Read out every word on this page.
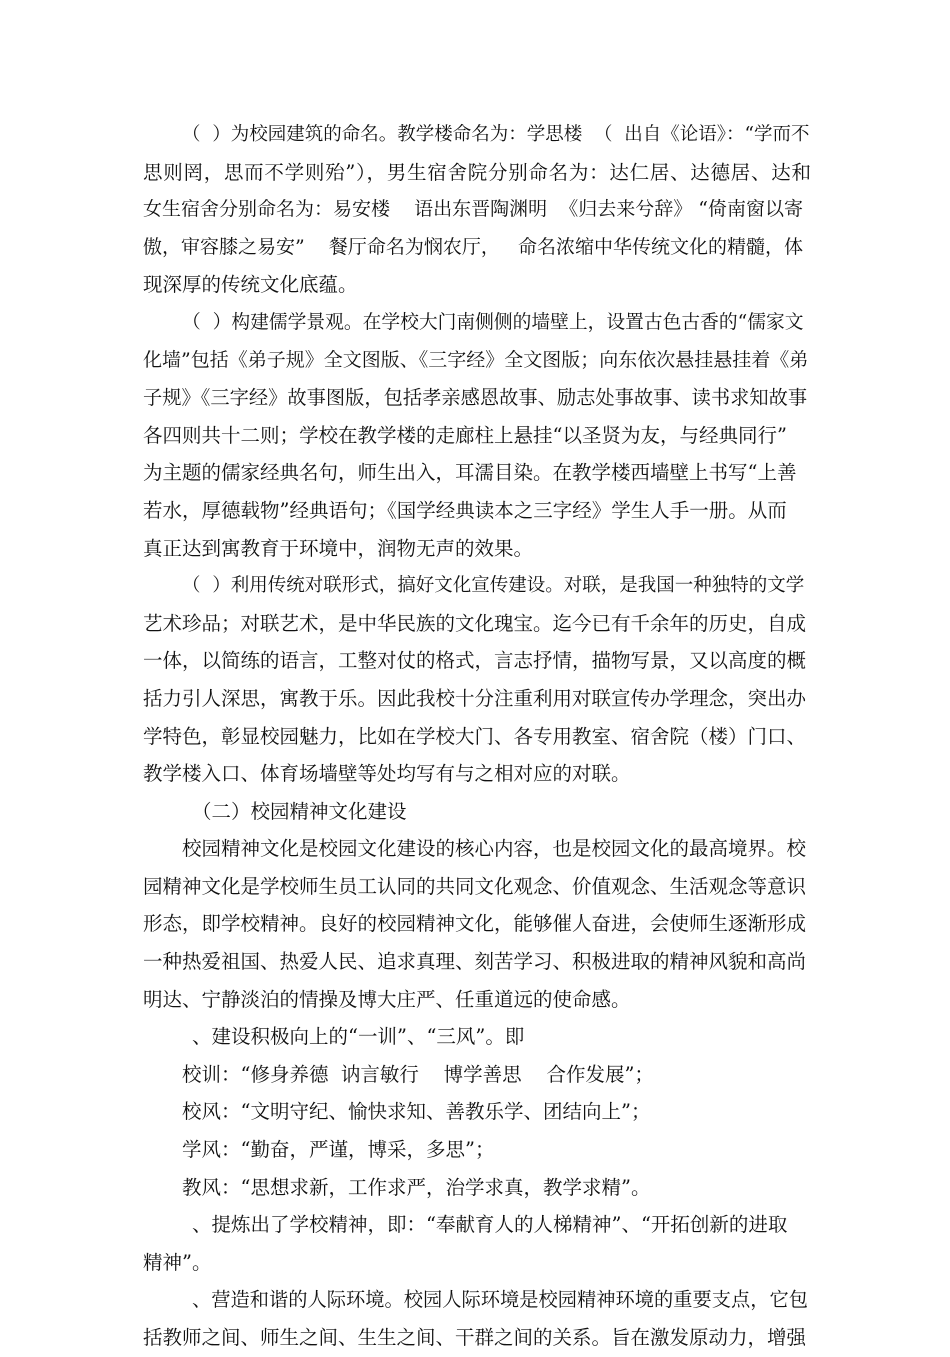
（  ）为校园建筑的命名。教学楼命名为：学思楼  （  出自《论语》：“学而不
思则罔，思而不学则殆”），男生宿舍院分别命名为：达仁居、达德居、达和
女生宿舍分别命名为：易安楼    语出东晋陶渊明  《归去来兮辞》 “倚南窗以寄
傲，审容膝之易安”    餐厅命名为悯农厅，   命名浓缩中华传统文化的精髓，体
现深厚的传统文化底蕴。
（  ）构建儒学景观。在学校大门南侧侧的墙壁上，设置古色古香的“儒家文
化墙”包括《弟子规》全文图版、《三字经》全文图版；向东依次悬挂悬挂着《弟
子规》《三字经》故事图版，包括孝亲感恩故事、励志处事故事、读书求知故事
各四则共十二则；学校在教学楼的走廊柱上悬挂“以圣贤为友，与经典同行”
为主题的儒家经典名句，师生出入，耳濡目染。在教学楼西墙壁上书写“上善
若水，厚德载物”经典语句；《国学经典读本之三字经》学生人手一册。从而
真正达到寓教育于环境中，润物无声的效果。
（  ）利用传统对联形式，搞好文化宣传建设。对联，是我国一种独特的文学
艺术珍品；对联艺术，是中华民族的文化瑰宝。迄今已有千余年的历史，自成
一体，以简练的语言，工整对仗的格式，言志抒情，描物写景，又以高度的概
括力引人深思，寓教于乐。因此我校十分注重利用对联宣传办学理念，突出办
学特色，彰显校园魅力，比如在学校大门、各专用教室、宿舍院（楼）门口、
教学楼入口、体育场墙壁等处均写有与之相对应的对联。
（二）校园精神文化建设
校园精神文化是校园文化建设的核心内容，也是校园文化的最高境界。校
园精神文化是学校师生员工认同的共同文化观念、价值观念、生活观念等意识
形态，即学校精神。良好的校园精神文化，能够催人奋进，会使师生逐渐形成
一种热爱祖国、热爱人民、追求真理、刻苦学习、积极进取的精神风貌和高尚
明达、宁静淡泊的情操及博大庄严、任重道远的使命感。
、建设积极向上的“一训”、“三风”。即
校训：“修身养德  讷言敏行    博学善思    合作发展”；
校风：“文明守纪、愉快求知、善教乐学、团结向上”；
学风：“勤奋，严谨，博采，多思”；
教风：“思想求新，工作求严，治学求真，教学求精”。
、提炼出了学校精神，即：“奉献育人的人梯精神”、“开拓创新的进取
精神”。
、营造和谐的人际环境。校园人际环境是校园精神环境的重要支点，它包
括教师之间、师生之间、生生之间、干群之间的关系。旨在激发原动力，增强
